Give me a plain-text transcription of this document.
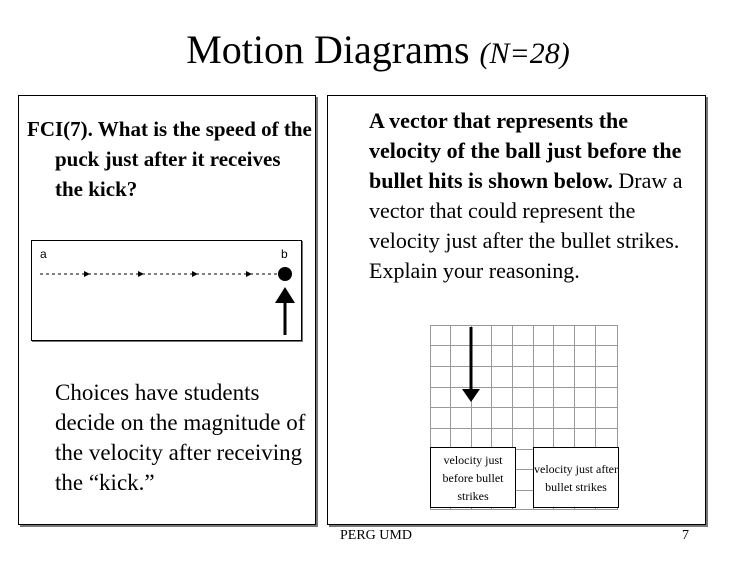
Motion Diagrams (N=28)
FCI(7). What is the speed of the puck just after it receives the kick?
a	b
Choices have students decide on the magnitude of the velocity after receiving the “kick.”
A vector that represents the velocity of the ball just before the bullet hits is shown below. Draw a vector that could represent the velocity just after the bullet strikes. Explain your reasoning.
velocity just before bullet strikes
velocity just after bullet strikes
PERG UMD	7
